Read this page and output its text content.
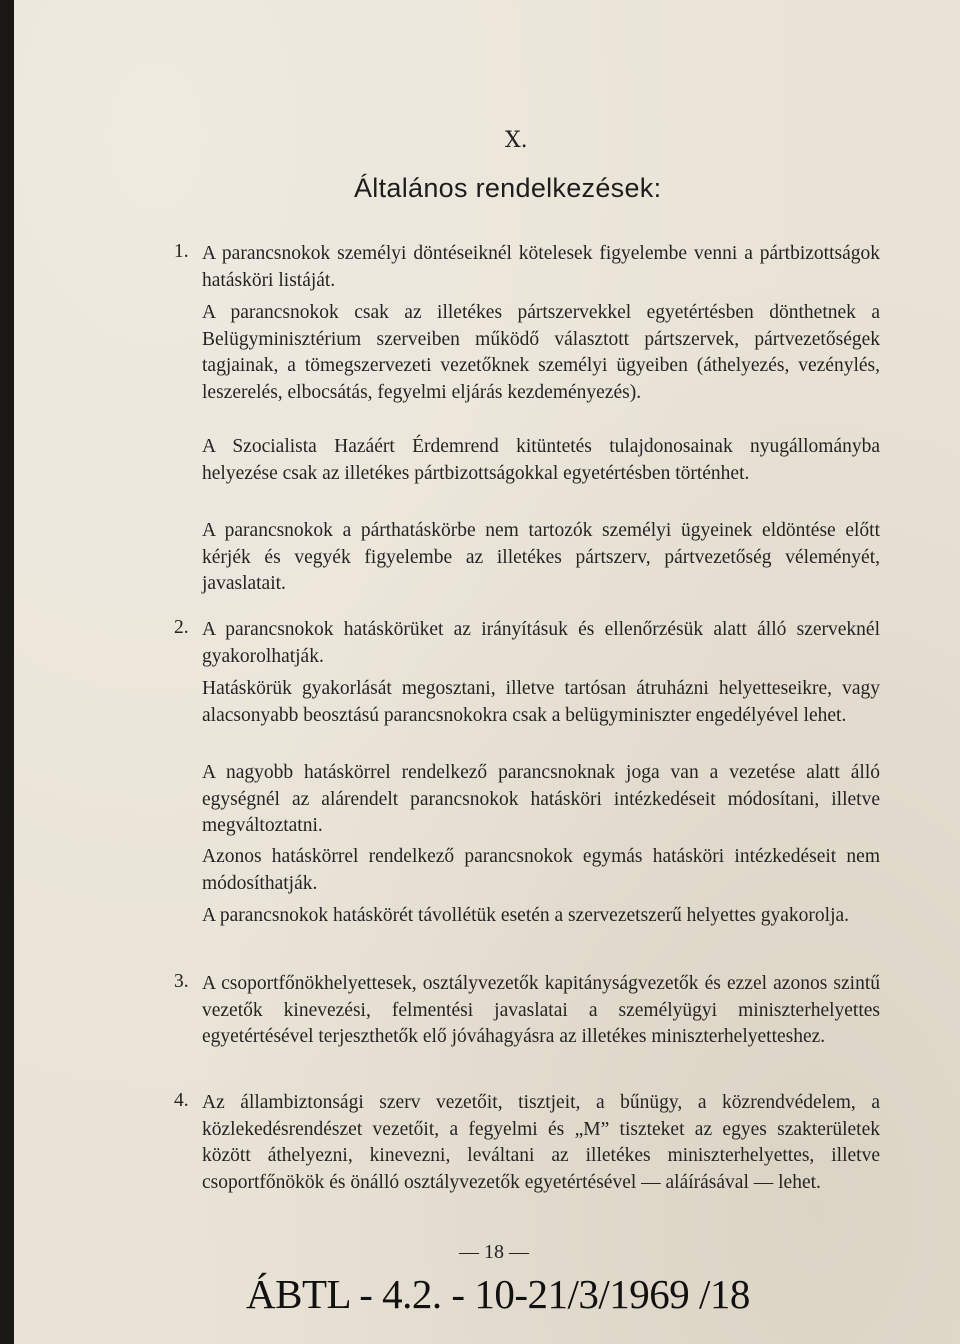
X.
Általános rendelkezések:
1. A parancsnokok személyi döntéseiknél kötelesek figyelembe venni a pártbizottságok hatásköri listáját.

A parancsnokok csak az illetékes pártszervekkel egyetértésben dönthetnek a Belügyminisztérium szerveiben működő választott pártszervek, pártvezetőségek tagjainak, a tömegszervezeti vezetőknek személyi ügyeiben (áthelyezés, vezénylés, leszerelés, elbocsátás, fegyelmi eljárás kezdeményezés).

A Szocialista Hazáért Érdemrend kitüntetés tulajdonosainak nyugállományba helyezése csak az illetékes pártbizottságokkal egyetértésben történhet.

A parancsnokok a párthatáskörbe nem tartozók személyi ügyeinek eldöntése előtt kérjék és vegyék figyelembe az illetékes pártszerv, pártvezetőség véleményét, javaslatait.

2. A parancsnokok hatáskörüket az irányításuk és ellenőrzésük alatt álló szerveknél gyakorolhatják.

Hatáskörük gyakorlását megosztani, illetve tartósan átruházni helyetteseikre, vagy alacsonyabb beosztású parancsnokokra csak a belügyminiszter engedélyével lehet.

A nagyobb hatáskörrel rendelkező parancsnoknak joga van a vezetése alatt álló egységnél az alárendelt parancsnokok hatásköri intézkedéseit módosítani, illetve megváltoztatni.

Azonos hatáskörrel rendelkező parancsnokok egymás hatásköri intézkedéseit nem módosíthatják.

A parancsnokok hatáskörét távollétük esetén a szervezetszerű helyettes gyakorolja.

3. A csoportfőnökhelyettesek, osztályvezetők kapitányságvezetők és ezzel azonos szintű vezetők kinevezési, felmentési javaslatai a személyügyi miniszterhelyettes egyetértésével terjeszthetők elő jóváhagyásra az illetékes miniszterhelyetteshez.

4. Az állambiztonsági szerv vezetőit, tisztjeit, a bűnügy, a közrendvédelem, a közlekedésrendészet vezetőit, a fegyelmi és „M” tiszteket az egyes szakterületek között áthelyezni, kinevezni, leváltani az illetékes miniszterhelyettes, illetve csoportfőnökök és önálló osztályvezetők egyetértésével — aláírásával — lehet.

— 18 —
ÁBTL - 4.2. - 10-21/3/1969 /18
